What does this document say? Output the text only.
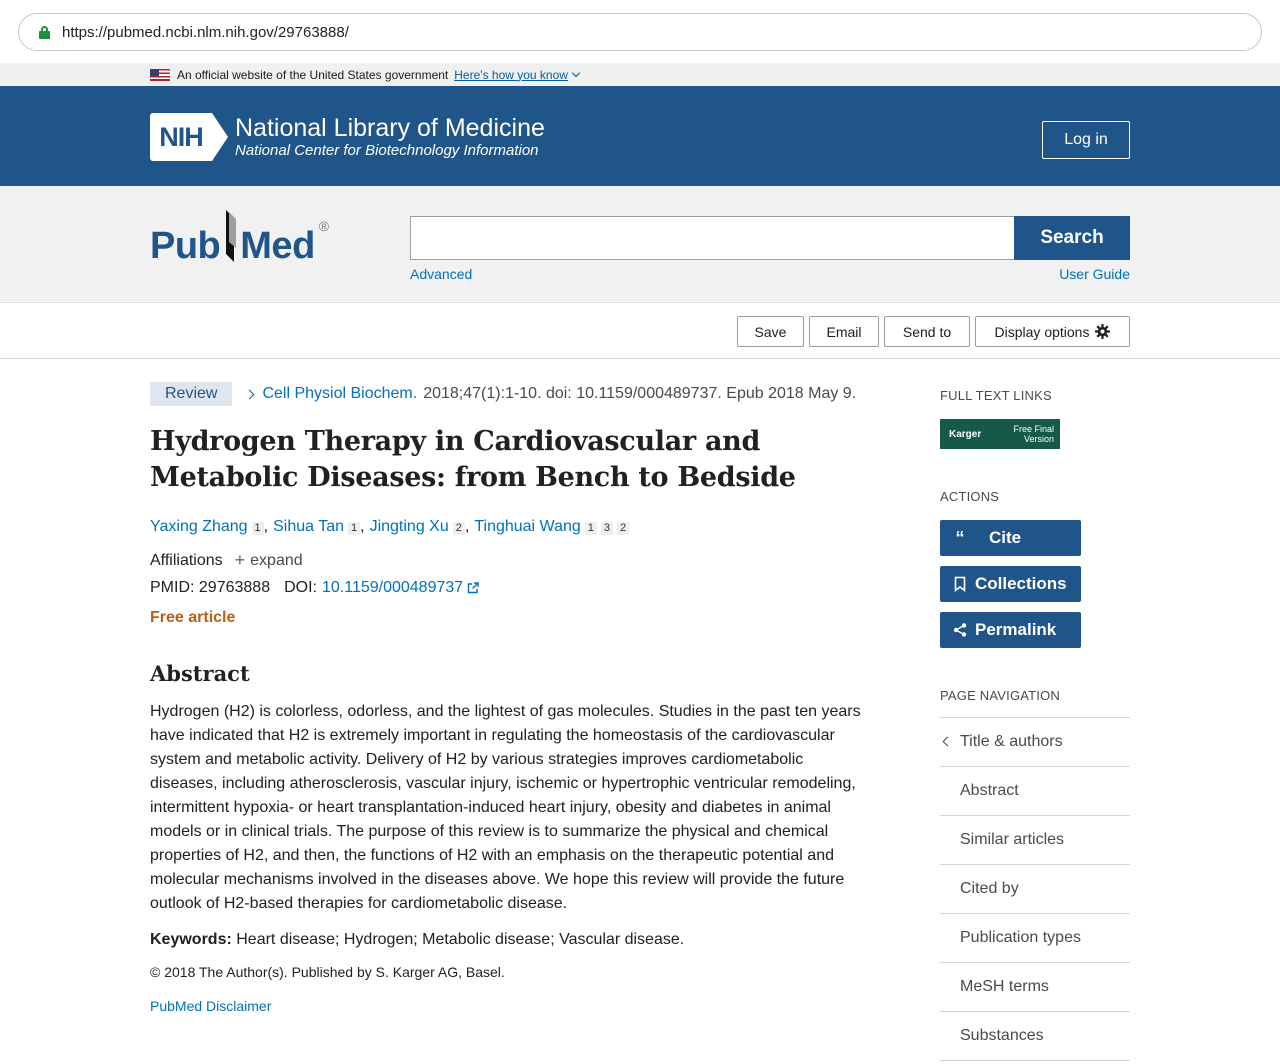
https://pubmed.ncbi.nlm.nih.gov/29763888/
An official website of the United States government Here's how you know
NIH	National Library of Medicine
National Center for Biotechnology Information
Log in
Pub Med ®
Search
Advanced	User Guide
Save	Email	Send to	Display options
Review	Cell Physiol Biochem. 2018;47(1):1-10. doi: 10.1159/000489737. Epub 2018 May 9.
Hydrogen Therapy in Cardiovascular and Metabolic Diseases: from Bench to Bedside
Yaxing Zhang 1 , Sihua Tan 1 , Jingting Xu 2 , Tinghuai Wang 1 3 2
Affiliations + expand
PMID:
29763888 DOI: 10.1159/000489737
Free article
Abstract

Hydrogen (H2) is colorless, odorless, and the lightest of gas molecules. Studies in the past ten years have indicated that H2 is extremely important in regulating the homeostasis of the cardiovascular system and metabolic activity. Delivery of H2 by various strategies improves cardiometabolic diseases, including atherosclerosis, vascular injury, ischemic or hypertrophic ventricular remodeling, intermittent hypoxia- or heart transplantation-induced heart injury, obesity and diabetes in animal models or in clinical trials. The purpose of this review is to summarize the physical and chemical properties of H2, and then, the functions of H2 with an emphasis on the therapeutic potential and molecular mechanisms involved in the diseases above. We hope this review will provide the future outlook of H2-based therapies for cardiometabolic disease.

Keywords: Heart disease; Hydrogen; Metabolic disease; Vascular disease.

© 2018 The Author(s). Published by S. Karger AG, Basel.

PubMed Disclaimer

FULL TEXT LINKS
Karger	Free Final
Version
ACTIONS
“ Cite
Collections
Permalink
PAGE NAVIGATION
Title & authors
Abstract
Similar articles
Cited by
Publication types
MeSH terms
Substances
